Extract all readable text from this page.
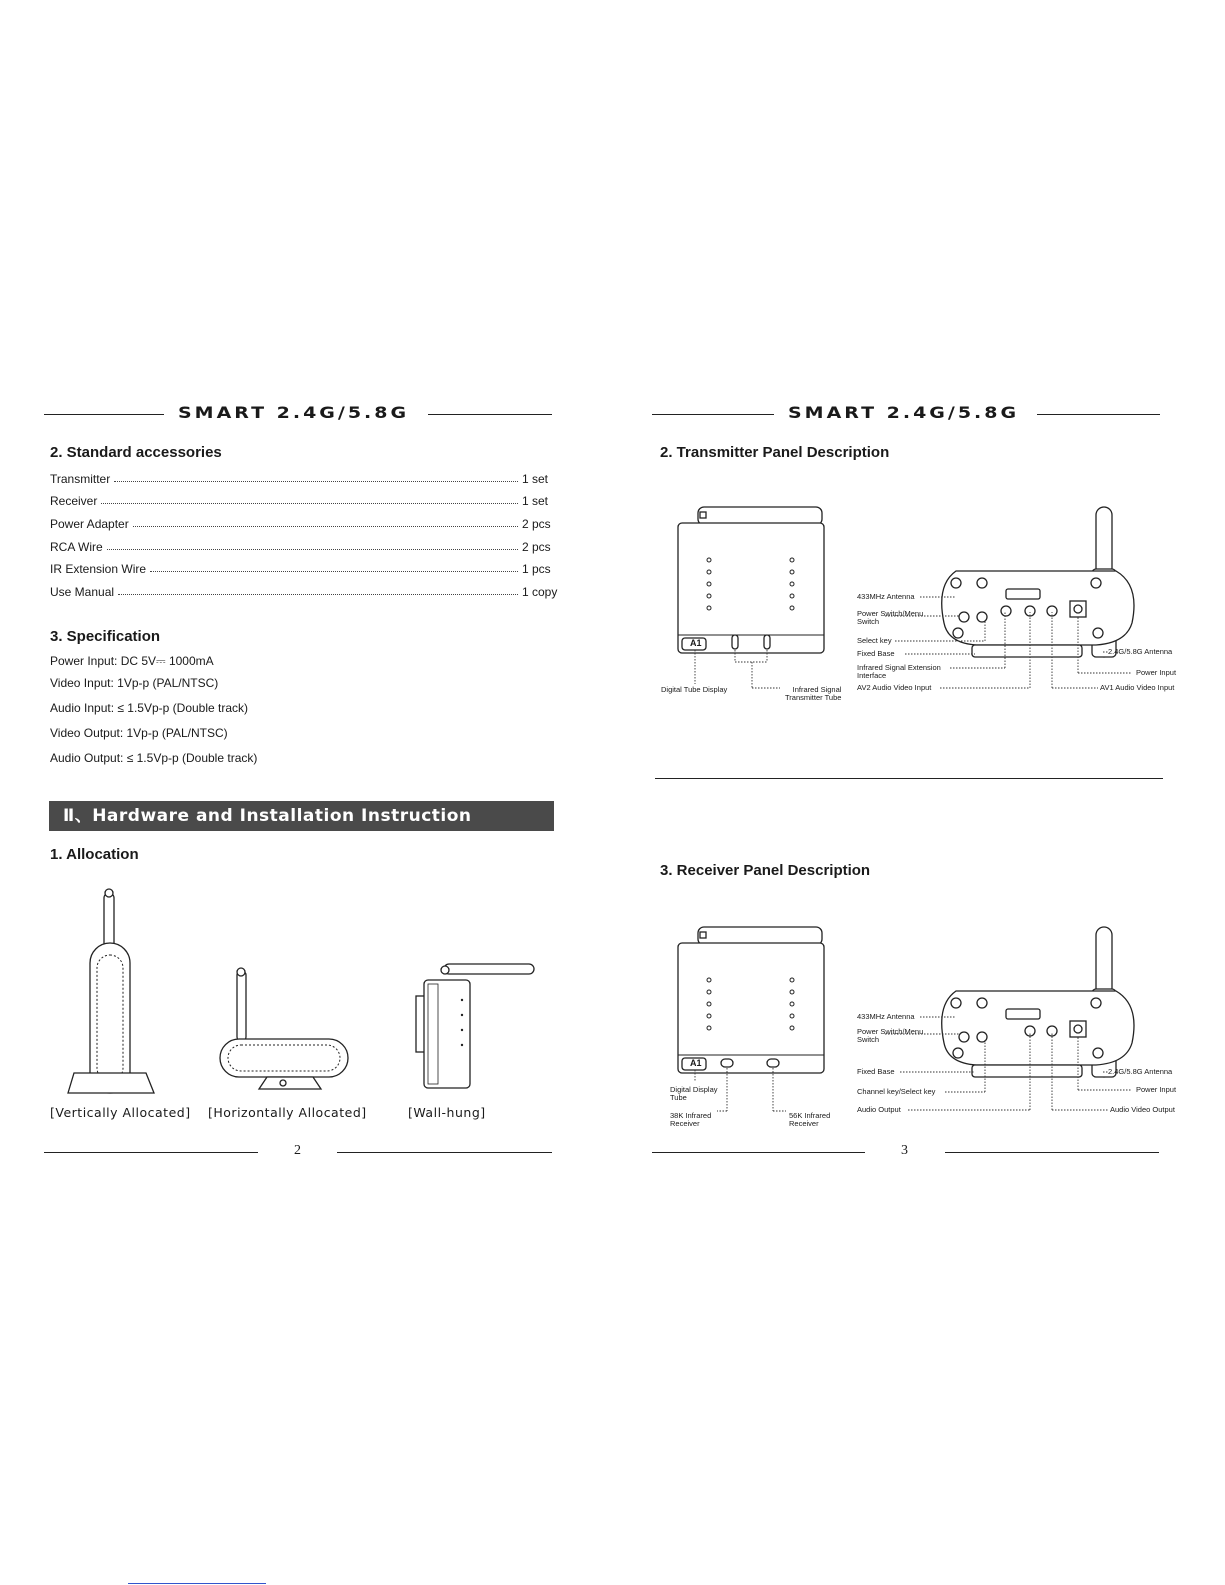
SMART 2.4G/5.8G
2. Standard accessories
Transmitter	1 set
Receiver	1 set
Power Adapter	2 pcs
RCA Wire	2 pcs
IR Extension Wire	1 pcs
Use Manual	1 copy
3. Specification
Power Input: DC 5V⎓ 1000mA
Video Input: 1Vp-p (PAL/NTSC)
Audio Input: ≤ 1.5Vp-p (Double track)
Video Output: 1Vp-p (PAL/NTSC)
Audio Output: ≤ 1.5Vp-p (Double track)
Ⅱ、Hardware and Installation Instruction
1. Allocation
[Vertically Allocated] [Horizontally Allocated]	[Wall-hung]
2
SMART 2.4G/5.8G
2. Transmitter Panel Description
A1
Digital Tube Display	Infrared Signal
Transmitter Tube
433MHz Antenna
Power Switch/Menu
Switch
Select key
Fixed Base
Infrared Signal Extension
Interface
AV2 Audio Video Input
2.4G/5.8G Antenna
Power Input
AV1 Audio Video Input
3. Receiver Panel Description
A1
Digital Display
Tube
38K Infrared
Receiver
56K Infrared
Receiver
433MHz Antenna
Power Switch/Menu
Switch
Fixed Base
Channel key/Select key
Audio Output
2.4G/5.8G Antenna
Power Input
Audio Video Output
3
